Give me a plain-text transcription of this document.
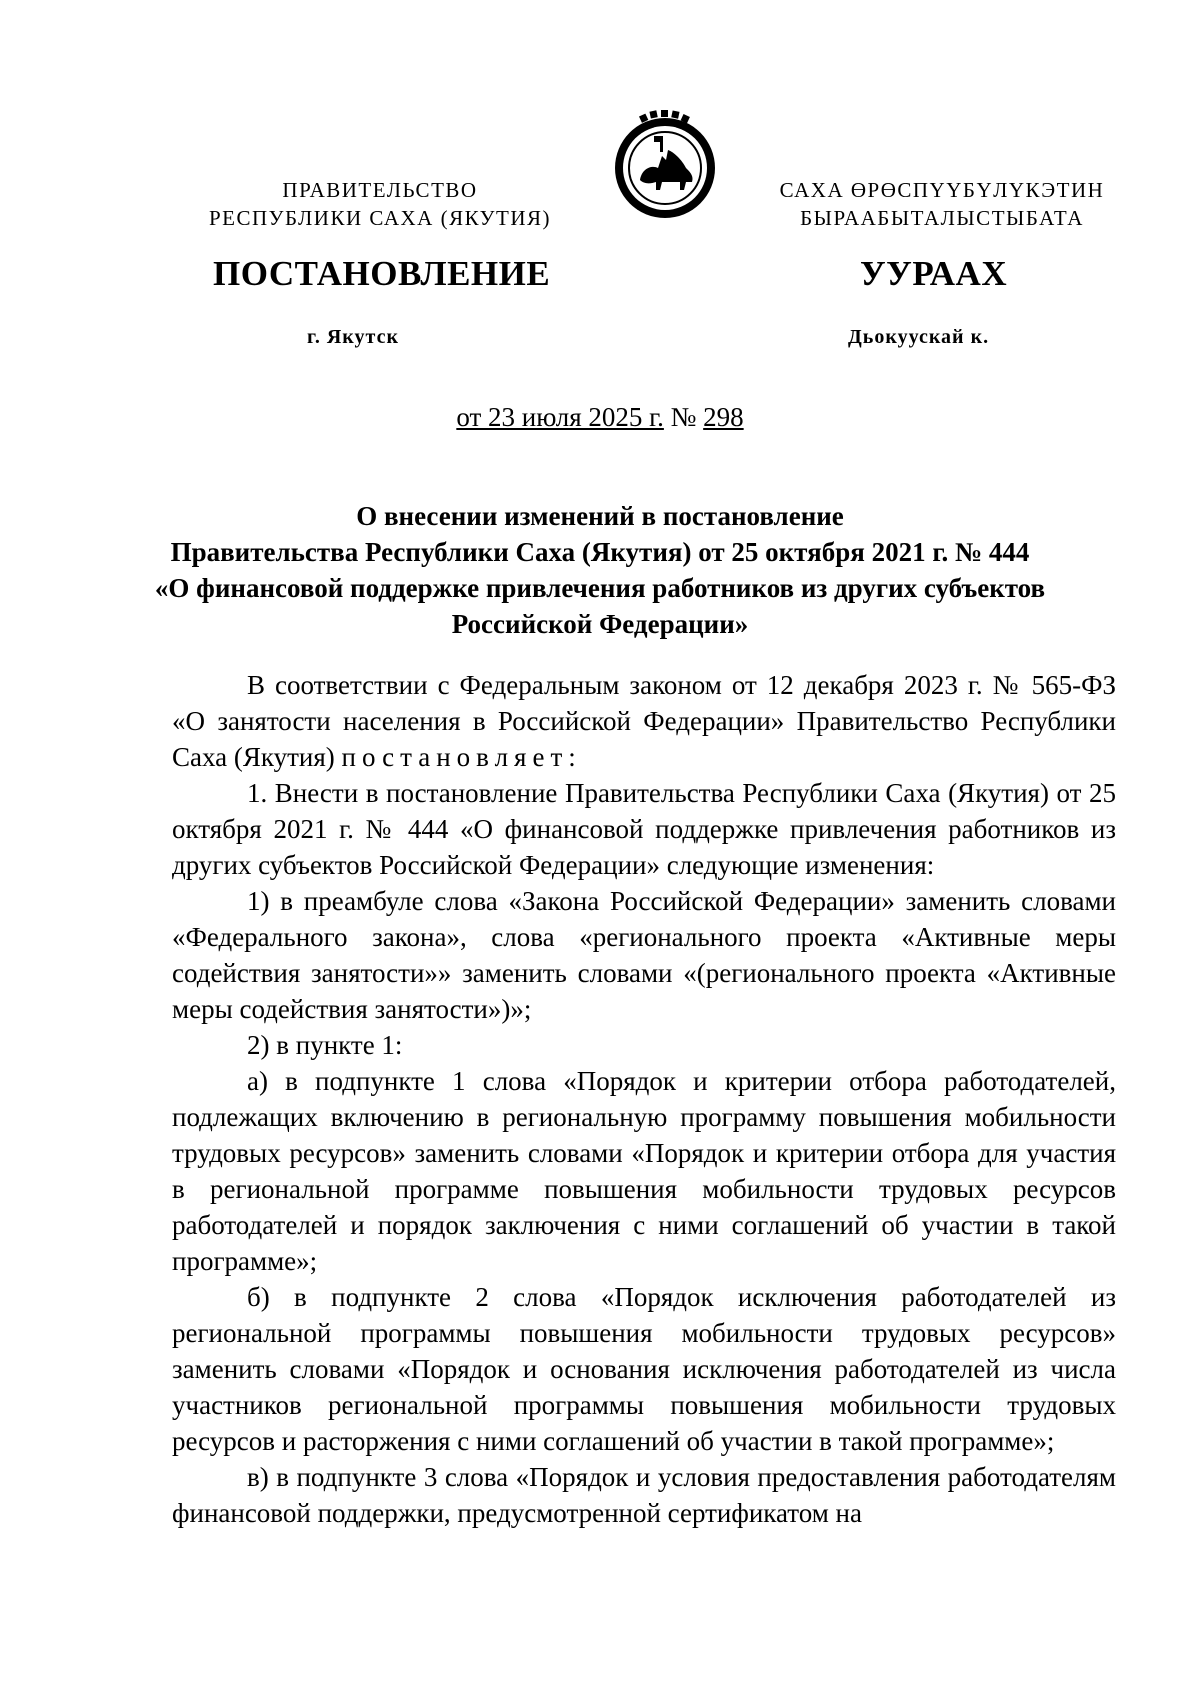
ПРАВИТЕЛЬСТВО
РЕСПУБЛИКИ САХА (ЯКУТИЯ)
САХА ӨРӨСПҮҮБҮЛҮКЭТИН
БЫРААБЫТАЛЫСТЫБАТА
ПОСТАНОВЛЕНИЕ	УУРААХ
г. Якутск	Дьокуускай к.
от 23 июля 2025 г. № 298
О внесении изменений в постановление
Правительства Республики Саха (Якутия) от 25 октября 2021 г. № 444
«О финансовой поддержке привлечения работников из других субъектов
Российской Федерации»

В соответствии с Федеральным законом от 12 декабря 2023 г. № 565-ФЗ «О занятости населения в Российской Федерации» Правительство Республики Саха (Якутия) постановляет:

1. Внести в постановление Правительства Республики Саха (Якутия) от 25 октября 2021 г. № 444 «О финансовой поддержке привлечения работников из других субъектов Российской Федерации» следующие изменения:

1) в преамбуле слова «Закона Российской Федерации» заменить словами «Федерального закона», слова «регионального проекта «Активные меры содействия занятости»» заменить словами «(регионального проекта «Активные меры содействия занятости»)»;

2) в пункте 1:

а) в подпункте 1 слова «Порядок и критерии отбора работодателей, подлежащих включению в региональную программу повышения мобильности трудовых ресурсов» заменить словами «Порядок и критерии отбора для участия в региональной программе повышения мобильности трудовых ресурсов работодателей и порядок заключения с ними соглашений об участии в такой программе»;

б) в подпункте 2 слова «Порядок исключения работодателей из региональной программы повышения мобильности трудовых ресурсов» заменить словами «Порядок и основания исключения работодателей из числа участников региональной программы повышения мобильности трудовых ресурсов и расторжения с ними соглашений об участии в такой программе»;

в) в подпункте 3 слова «Порядок и условия предоставления работодателям финансовой поддержки, предусмотренной сертификатом на
